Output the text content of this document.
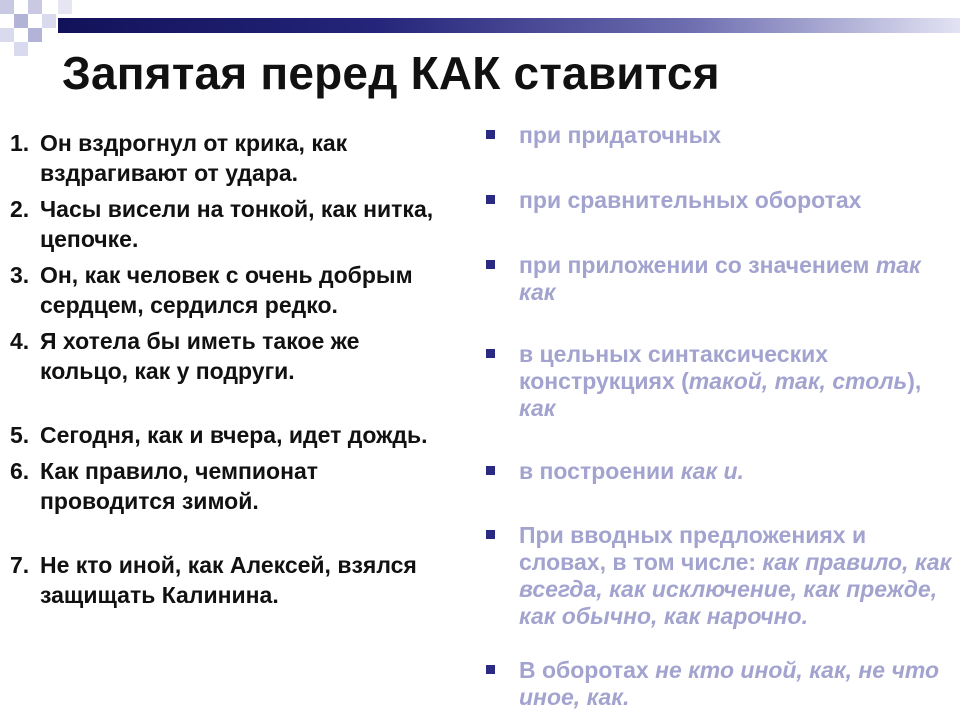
Запятая перед КАК ставится
1. Он вздрогнул от крика, как вздрагивают от удара.
2. Часы висели на тонкой, как нитка, цепочке.
3. Он, как человек с очень добрым сердцем, сердился редко.
4. Я хотела бы иметь такое же кольцо, как у подруги.
5. Сегодня, как и вчера, идет дождь.
6. Как правило, чемпионат проводится зимой.
7. Не кто иной, как Алексей, взялся защищать Калинина.
при придаточных
при сравнительных оборотах
при приложении со значением так как
в цельных синтаксических конструкциях (такой, так, столь), как
в построении как и.
При вводных предложениях и словах, в том числе: как правило, как всегда, как исключение, как прежде, как обычно, как нарочно.
В оборотах не кто иной, как, не что иное, как.
